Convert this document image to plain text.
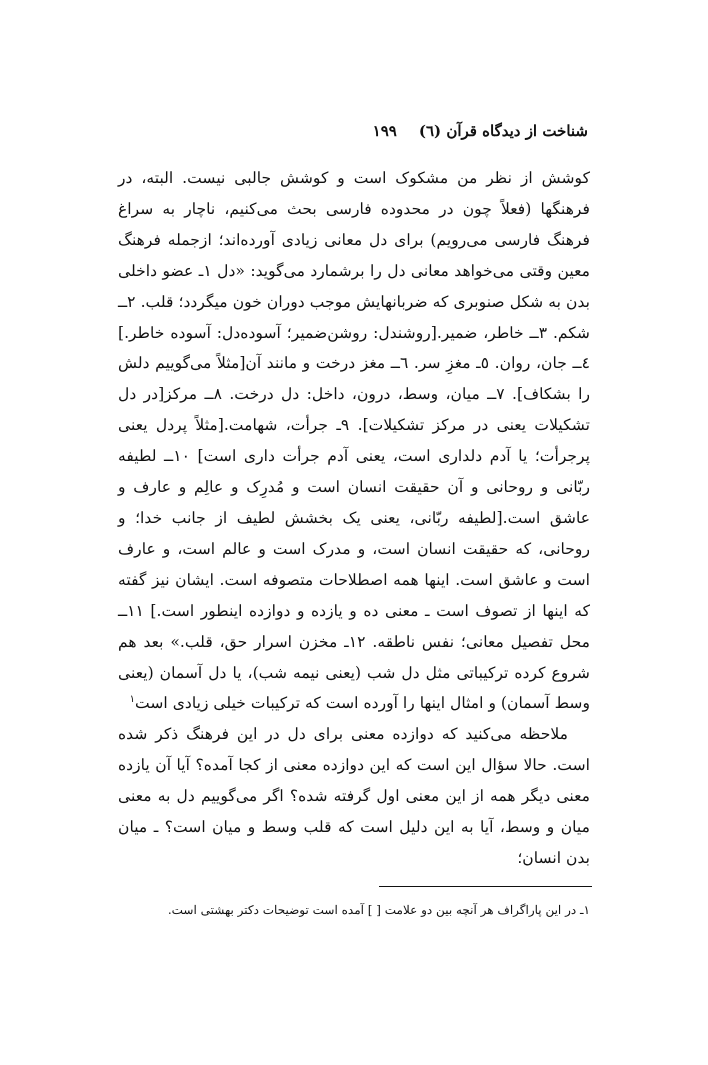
شناخت از دیدگاه قرآن (٦)
۱۹۹

کوشش از نظر من مشکوک است و کوشش جالبی نیست. البته، در فرهنگها (فعلاً چون در محدوده فارسی بحث می‌کنیم، ناچار به سراغ فرهنگ فارسی می‌رویم) برای دل معانی زیادی آورده‌اند؛ ازجمله فرهنگ معین وقتی می‌خواهد معانی دل را برشمارد می‌گوید: «دل ۱ـ عضو داخلی بدن به شکل صنوبری که ضربانهایش موجب دوران خون میگردد؛ قلب. ۲ــ شکم. ۳ــ خاطر، ضمیر.[روشندل: روشن‌ضمیر؛ آسوده‌دل: آسوده خاطر.] ٤ــ جان، روان. ٥ـ مغزِ سر. ٦ــ مغز درخت و مانند آن[مثلاً می‌گوییم دلش را بشکاف]. ۷ــ میان، وسط، درون، داخل: دل درخت. ۸ــ مرکز[در دل تشکیلات یعنی در مرکز تشکیلات]. ۹ـ جرأت، شهامت.[مثلاً پردل یعنی پرجرأت؛ یا آدم دلداری است، یعنی آدم جرأت داری است] ۱۰ــ لطیفه ربّانی و روحانی و آن حقیقت انسان است و مُدرِک و عالِم و عارف و عاشق است.[لطیفه ربّانی، یعنی یک بخشش لطیف از جانب خدا؛ و روحانی، که حقیقت انسان است، و مدرک است و عالم است، و عارف است و عاشق است. اینها همه اصطلاحات متصوفه است. ایشان نیز گفته که اینها از تصوف است ـ معنی ده و یازده و دوازده اینطور است.] ۱۱ــ محل تفصیل معانی؛ نفس ناطقه. ۱۲ـ مخزن اسرار حق، قلب.» بعد هم شروع کرده ترکیباتی مثل دل شب (یعنی نیمه شب)، یا دل آسمان (یعنی وسط آسمان) و امثال اینها را آورده است که ترکیبات خیلی زیادی است$^۱$

ملاحظه می‌کنید که دوازده معنی برای دل در این فرهنگ ذکر شده است. حالا سؤال این است که این دوازده معنی از کجا آمده؟ آیا آن یازده معنی دیگر همه از این معنی اول گرفته شده؟ اگر می‌گوییم دل به معنی میان و وسط، آیا به این دلیل است که قلب وسط و میان است؟ ـ میان بدن انسان؛

۱ـ در این پاراگراف هر آنچه بین دو علامت [ ] آمده است توضیحات دکتر بهشتی است.
